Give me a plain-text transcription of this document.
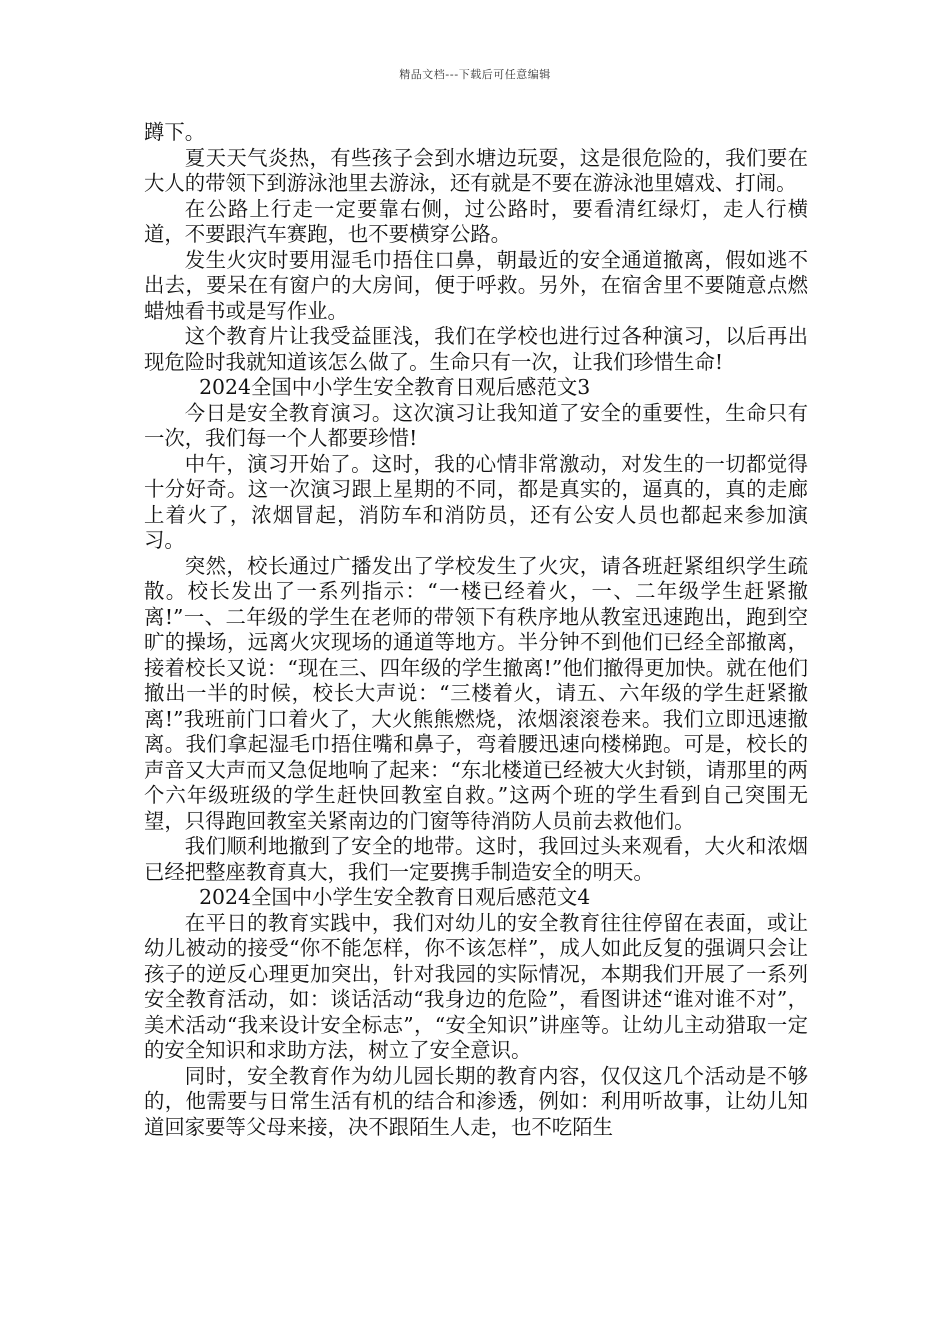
精品文档---下载后可任意编辑

蹲下。

夏天天气炎热，有些孩子会到水塘边玩耍，这是很危险的，我们要在大人的带领下到游泳池里去游泳，还有就是不要在游泳池里嬉戏、打闹。

在公路上行走一定要靠右侧，过公路时，要看清红绿灯，走人行横道，不要跟汽车赛跑，也不要横穿公路。

发生火灾时要用湿毛巾捂住口鼻，朝最近的安全通道撤离，假如逃不出去，要呆在有窗户的大房间，便于呼救。另外，在宿舍里不要随意点燃蜡烛看书或是写作业。

这个教育片让我受益匪浅，我们在学校也进行过各种演习，以后再出现危险时我就知道该怎么做了。生命只有一次，让我们珍惜生命!

2024全国中小学生安全教育日观后感范文3

今日是安全教育演习。这次演习让我知道了安全的重要性，生命只有一次，我们每一个人都要珍惜!

中午，演习开始了。这时，我的心情非常激动，对发生的一切都觉得十分好奇。这一次演习跟上星期的不同，都是真实的，逼真的，真的走廊上着火了，浓烟冒起，消防车和消防员，还有公安人员也都起来参加演习。

突然，校长通过广播发出了学校发生了火灾，请各班赶紧组织学生疏散。校长发出了一系列指示：“一楼已经着火，一、二年级学生赶紧撤离!”一、二年级的学生在老师的带领下有秩序地从教室迅速跑出，跑到空旷的操场，远离火灾现场的通道等地方。半分钟不到他们已经全部撤离，接着校长又说：“现在三、四年级的学生撤离!”他们撤得更加快。就在他们撤出一半的时候，校长大声说：“三楼着火，请五、六年级的学生赶紧撤离!”我班前门口着火了，大火熊熊燃烧，浓烟滚滚卷来。我们立即迅速撤离。我们拿起湿毛巾捂住嘴和鼻子，弯着腰迅速向楼梯跑。可是，校长的声音又大声而又急促地响了起来：“东北楼道已经被大火封锁，请那里的两个六年级班级的学生赶快回教室自救。”这两个班的学生看到自己突围无望，只得跑回教室关紧南边的门窗等待消防人员前去救他们。

我们顺利地撤到了安全的地带。这时，我回过头来观看，大火和浓烟已经把整座教育真大，我们一定要携手制造安全的明天。

2024全国中小学生安全教育日观后感范文4

在平日的教育实践中，我们对幼儿的安全教育往往停留在表面，或让幼儿被动的接受“你不能怎样，你不该怎样”，成人如此反复的强调只会让孩子的逆反心理更加突出，针对我园的实际情况，本期我们开展了一系列安全教育活动，如：谈话活动“我身边的危险”，看图讲述“谁对谁不对”，美术活动“我来设计安全标志”，“安全知识”讲座等。让幼儿主动猎取一定的安全知识和求助方法，树立了安全意识。

同时，安全教育作为幼儿园长期的教育内容，仅仅这几个活动是不够的，他需要与日常生活有机的结合和渗透，例如：利用听故事，让幼儿知道回家要等父母来接，决不跟陌生人走，也不吃陌生
